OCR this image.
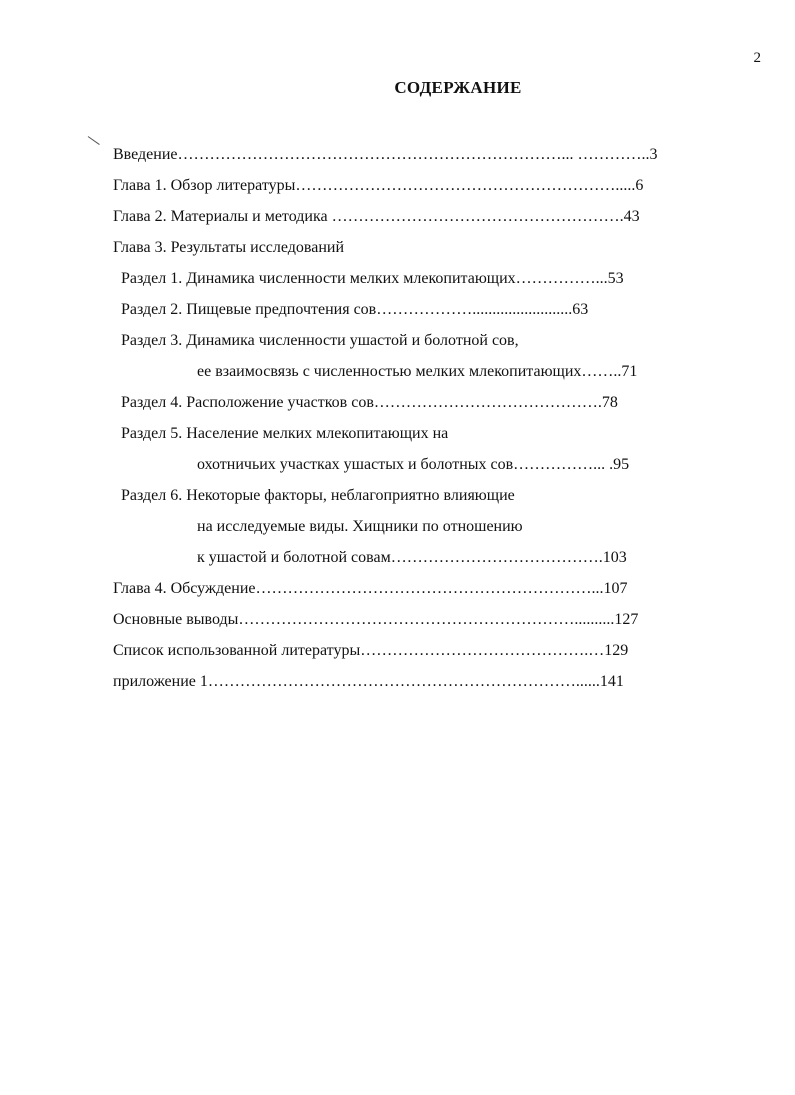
2
СОДЕРЖАНИЕ
Введение………………………………………………………………... …………..3
Глава 1. Обзор литературы…………………………………………………….....6
Глава 2. Материалы и методика ……………………………………………….43
Глава 3. Результаты исследований
Раздел 1. Динамика численности мелких млекопитающих……………...53
Раздел 2. Пищевые предпочтения сов……………….........................63
Раздел 3. Динамика численности ушастой и болотной сов,
ее взаимосвязь с численностью мелких млекопитающих……..71
Раздел 4. Расположение участков сов…………………………………….78
Раздел 5. Население мелких млекопитающих на
охотничьих участках ушастых и болотных сов……………... .95
Раздел 6. Некоторые факторы, неблагоприятно влияющие
на исследуемые виды. Хищники по отношению
к ушастой и болотной совам………………………………….103
Глава 4. Обсуждение………………………………………………………...107
Основные выводы………………………………………………………..........127
Список использованной литературы…………………………………….…129
приложение 1……………………………………………………………......141
